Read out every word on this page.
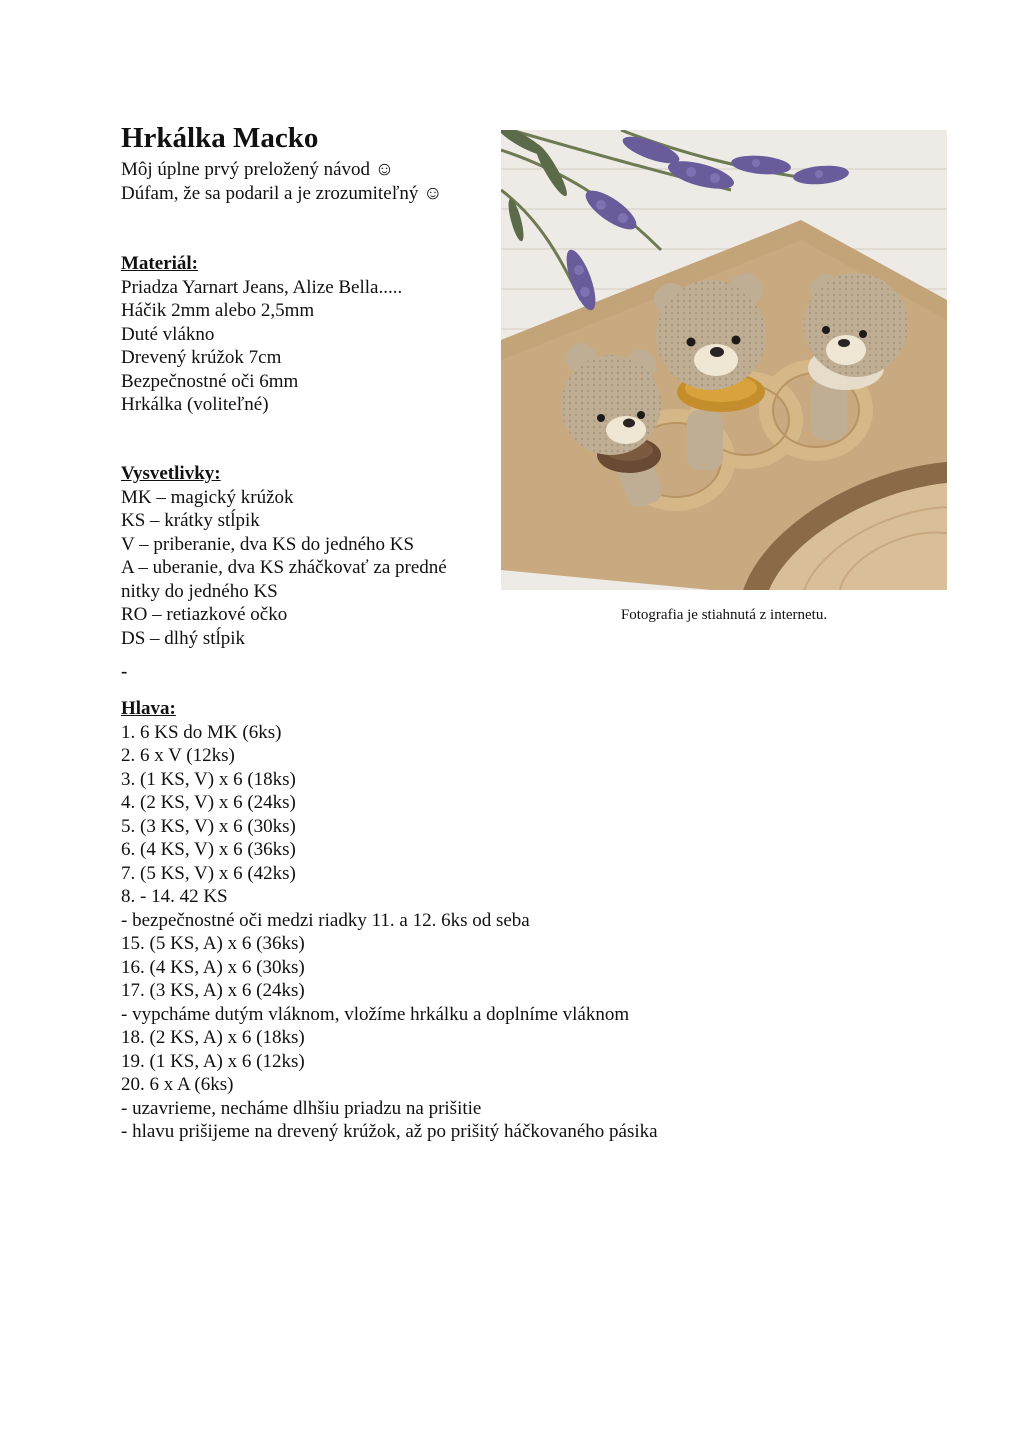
Hrkálka Macko
Môj úplne prvý preložený návod ☺
Dúfam, že sa podaril a je zrozumiteľný ☺
Materiál:
Priadza Yarnart Jeans, Alize Bella.....
Háčik 2mm alebo 2,5mm
Duté vlákno
Drevený krúžok 7cm
Bezpečnostné oči 6mm
Hrkálka (voliteľné)
Vysvetlivky:
MK – magický krúžok
KS – krátky stĺpik
V – priberanie, dva KS do jedného KS
A – uberanie, dva KS zháčkovať za predné
nitky do jedného KS
RO – retiazkové očko
DS – dlhý stĺpik
-
Hlava:
1. 6 KS do MK (6ks)
2. 6 x V (12ks)
3. (1 KS, V) x 6 (18ks)
4. (2 KS, V) x 6 (24ks)
5. (3 KS, V) x 6 (30ks)
6. (4 KS, V) x 6 (36ks)
7. (5 KS, V) x 6 (42ks)
8. - 14. 42 KS
- bezpečnostné oči medzi riadky 11. a 12. 6ks od seba
15. (5 KS, A) x 6 (36ks)
16. (4 KS, A) x 6 (30ks)
17. (3 KS, A) x 6 (24ks)
- vypcháme dutým vláknom, vložíme hrkálku a doplníme vláknom
18. (2 KS, A) x 6 (18ks)
19. (1 KS, A) x 6 (12ks)
20. 6 x A (6ks)
- uzavrieme, necháme dlhšiu priadzu na prišitie
- hlavu prišijeme na drevený krúžok, až po prišitý háčkovaného pásika
Fotografia je stiahnutá z internetu.
